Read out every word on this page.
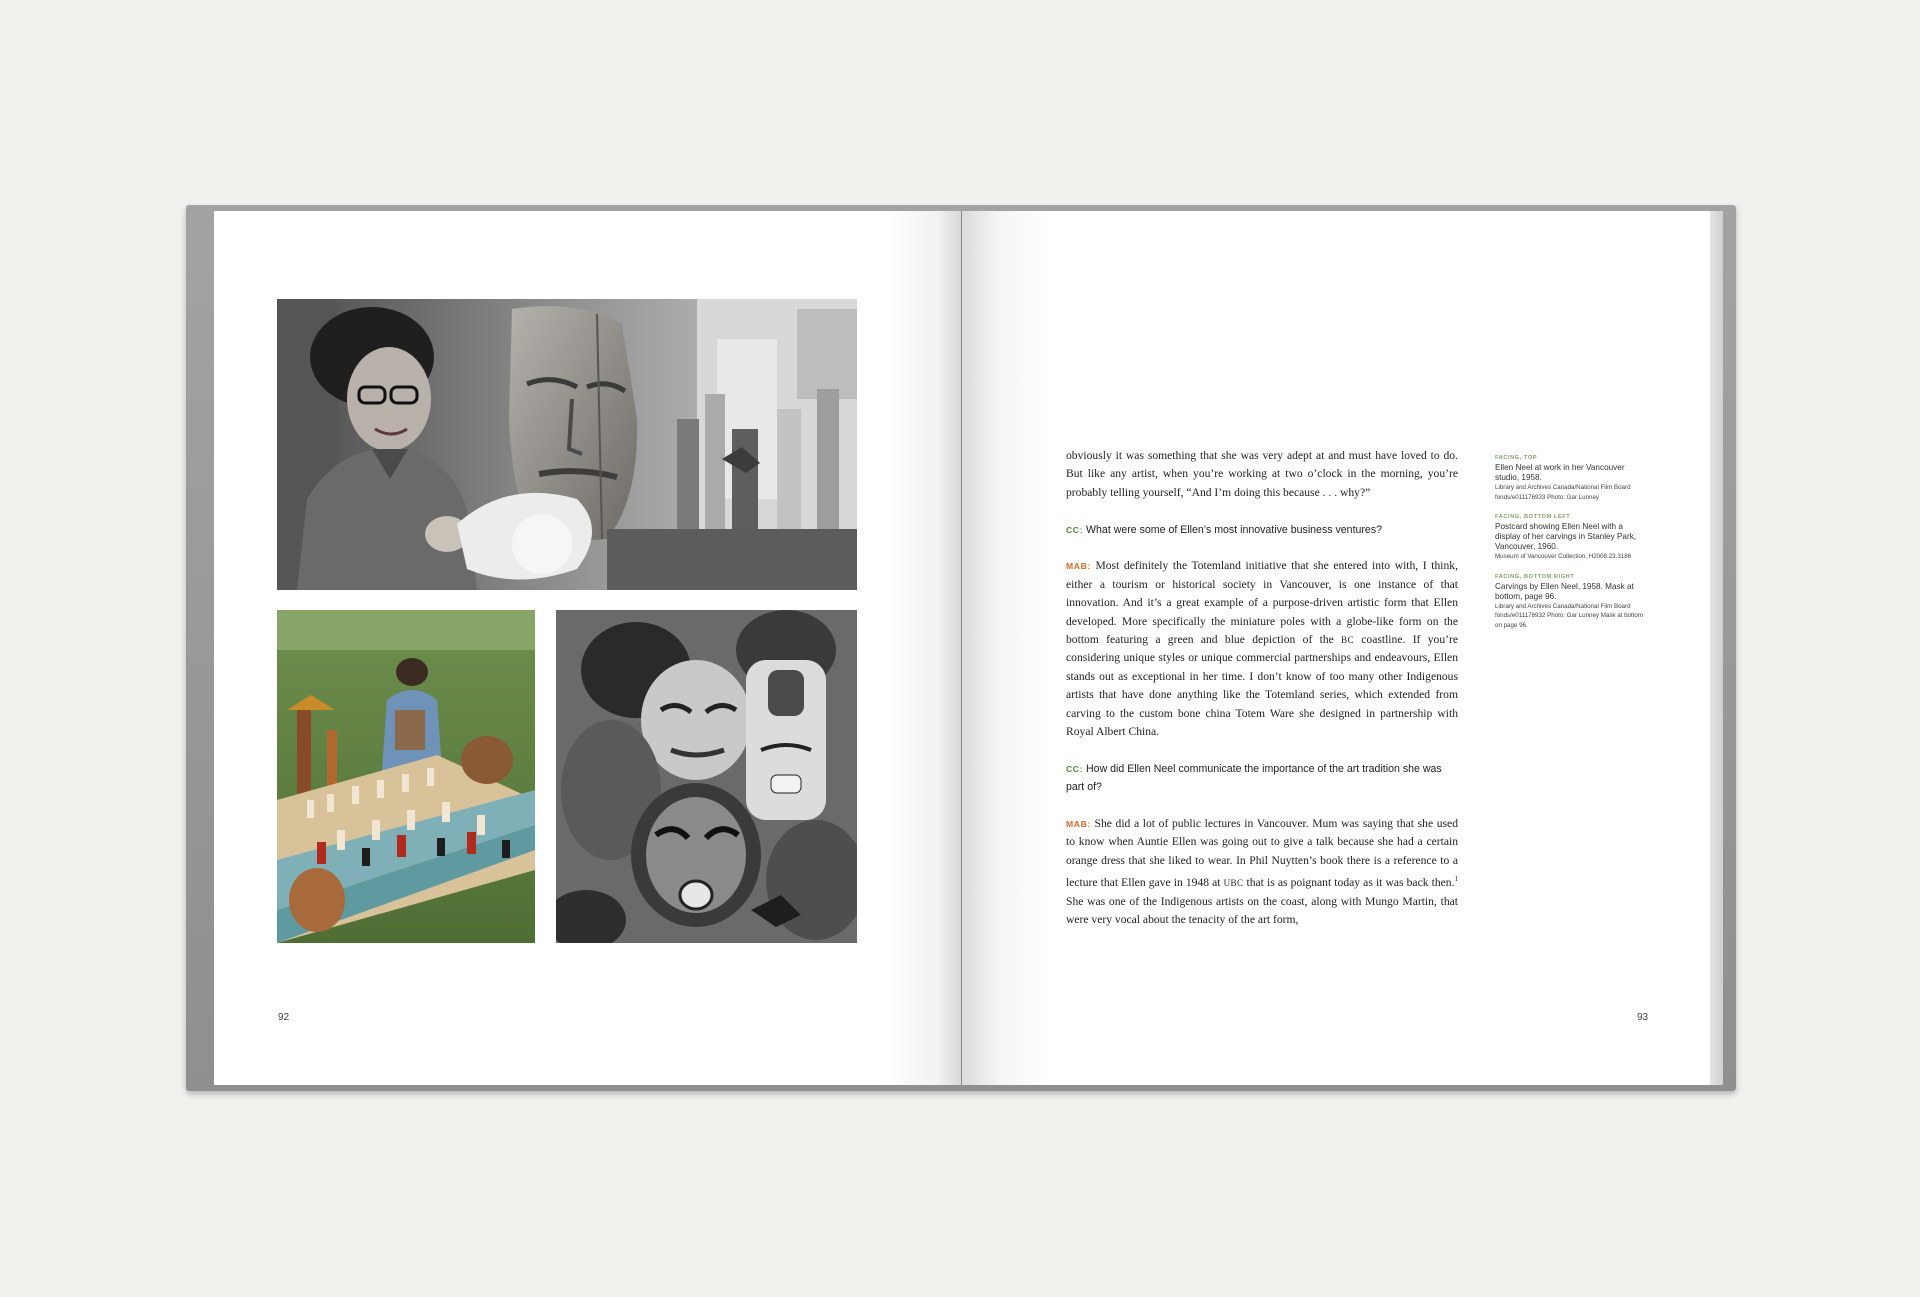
92

obviously it was something that she was very adept at and must have loved to do. But like any artist, when you’re working at two o’clock in the morning, you’re probably telling yourself, “And I’m doing this because . . . why?”

CC: What were some of Ellen’s most innovative business ventures?

MAB: Most definitely the Totemland initiative that she entered into with, I think, either a tourism or historical society in Vancouver, is one instance of that innovation. And it’s a great example of a purpose-driven artistic form that Ellen developed. More specifically the miniature poles with a globe-like form on the bottom featuring a green and blue depiction of the BC coastline. If you’re considering unique styles or unique commercial partnerships and endeavours, Ellen stands out as exceptional in her time. I don’t know of too many other Indigenous artists that have done anything like the Totemland series, which extended from carving to the custom bone china Totem Ware she designed in partnership with Royal Albert China.

CC: How did Ellen Neel communicate the importance of the art tradition she was part of?

MAB: She did a lot of public lectures in Vancouver. Mum was saying that she used to know when Auntie Ellen was going out to give a talk because she had a certain orange dress that she liked to wear. In Phil Nuytten’s book there is a reference to a lecture that Ellen gave in 1948 at UBC that is as poignant today as it was back then.$^1$ She was one of the Indigenous artists on the coast, along with Mungo Martin, that were very vocal about the tenacity of the art form,

FACING, TOP
Ellen Neel at work in her Vancouver studio, 1958.
Library and Archives Canada/National Film Board fonds/e011176933 Photo: Gar Lunney
FACING, BOTTOM LEFT
Postcard showing Ellen Neel with a display of her carvings in Stanley Park, Vancouver, 1960.
Museum of Vancouver Collection, H2008.23.3186
FACING, BOTTOM RIGHT
Carvings by Ellen Neel, 1958. Mask at bottom, page 96.
Library and Archives Canada/National Film Board fonds/e011176932 Photo: Gar Lunney Mask at bottom on page 96.
93
